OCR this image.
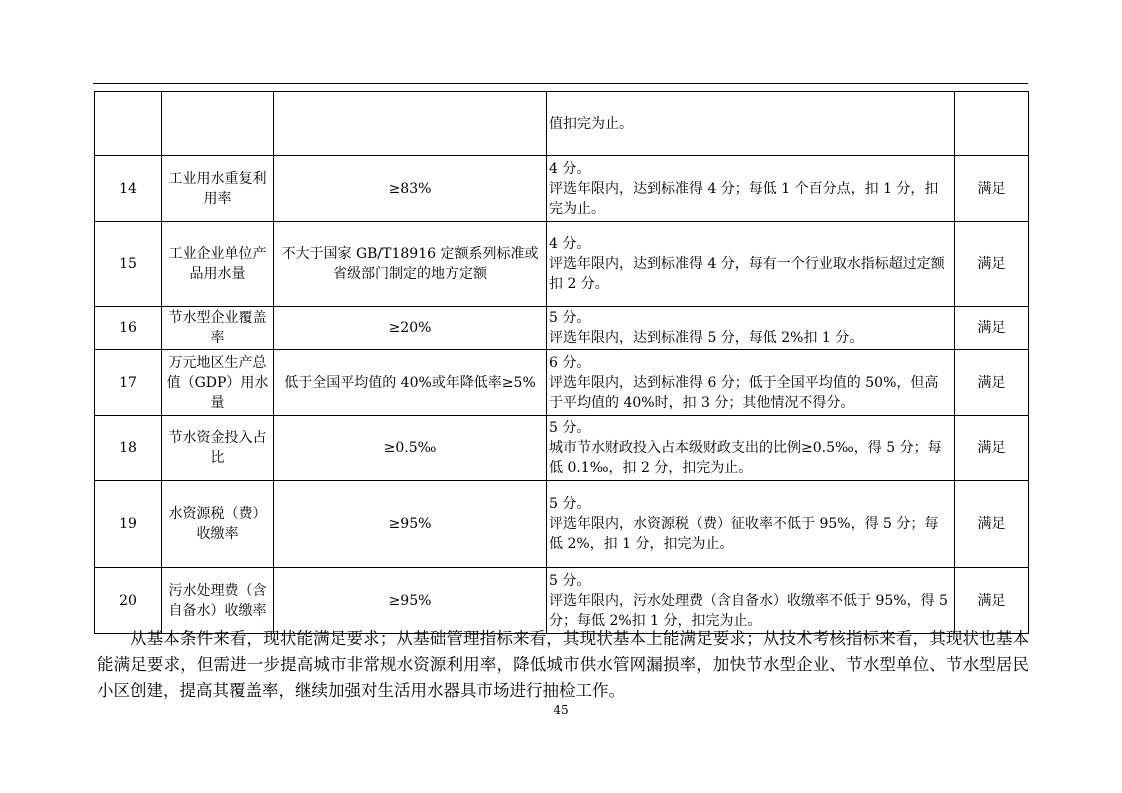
			值扣完为止。	
14	工业用水重复利用率	≥83%	4 分。
评选年限内，达到标准得 4 分；每低 1 个百分点，扣 1 分，扣完为止。	满足
15	工业企业单位产品用水量	不大于国家 GB/T18916 定额系列标准或省级部门制定的地方定额	4 分。
评选年限内，达到标准得 4 分，每有一个行业取水指标超过定额扣 2 分。	满足
16	节水型企业覆盖率	≥20%	5 分。
评选年限内，达到标准得 5 分，每低 2%扣 1 分。	满足
17	万元地区生产总值（GDP）用水量	低于全国平均值的 40%或年降低率≥5%	6 分。
评选年限内，达到标准得 6 分；低于全国平均值的 50%，但高于平均值的 40%时，扣 3 分；其他情况不得分。	满足
18	节水资金投入占比	≥0.5‰	5 分。
城市节水财政投入占本级财政支出的比例≥0.5‰，得 5 分；每低 0.1‰，扣 2 分，扣完为止。	满足
19	水资源税（费）收缴率	≥95%	5 分。
评选年限内，水资源税（费）征收率不低于 95%，得 5 分；每低 2%，扣 1 分，扣完为止。	满足
20	污水处理费（含自备水）收缴率	≥95%	5 分。
评选年限内，污水处理费（含自备水）收缴率不低于 95%，得 5 分；每低 2%扣 1 分，扣完为止。	满足

从基本条件来看，现状能满足要求；从基础管理指标来看，其现状基本上能满足要求；从技术考核指标来看，其现状也基本能满足要求，但需进一步提高城市非常规水资源利用率，降低城市供水管网漏损率，加快节水型企业、节水型单位、节水型居民小区创建，提高其覆盖率，继续加强对生活用水器具市场进行抽检工作。

45
